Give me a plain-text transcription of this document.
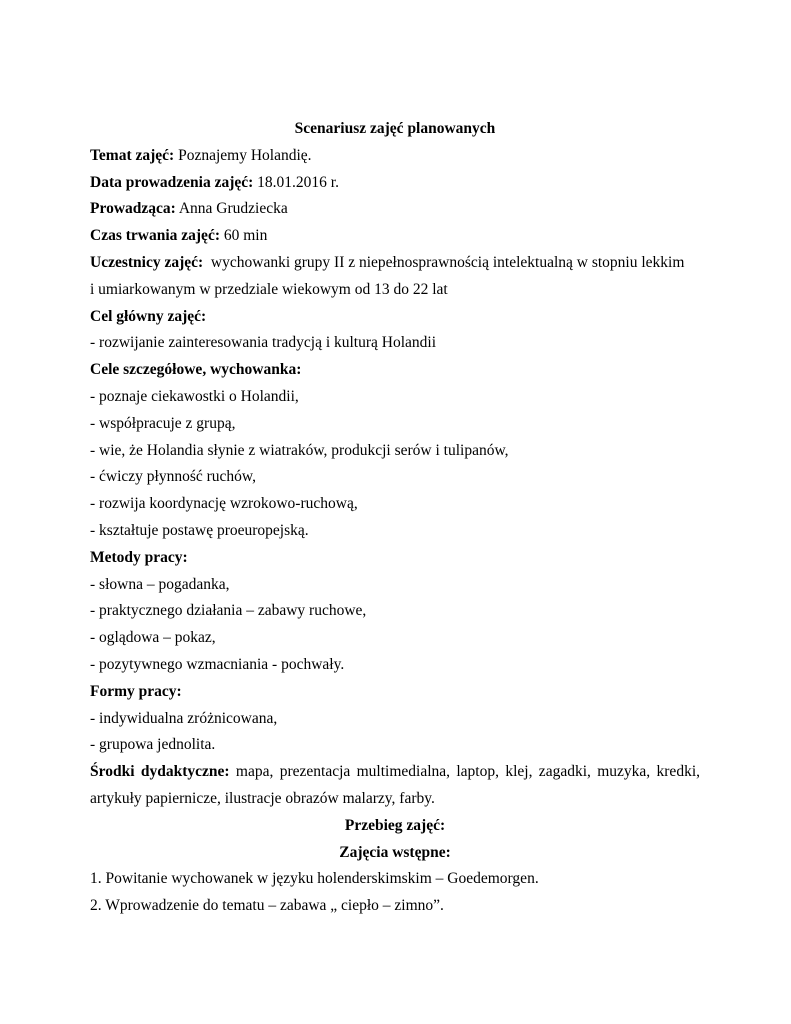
Scenariusz zajęć planowanych
Temat zajęć: Poznajemy Holandię.
Data prowadzenia zajęć: 18.01.2016 r.
Prowadząca: Anna Grudziecka
Czas trwania zajęć: 60 min
Uczestnicy zajęć: wychowanki grupy II z niepełnosprawnością intelektualną w stopniu lekkim
i umiarkowanym w przedziale wiekowym od 13 do 22 lat
Cel główny zajęć:
- rozwijanie zainteresowania tradycją i kulturą Holandii
Cele szczegółowe, wychowanka:
- poznaje ciekawostki o Holandii,
- współpracuje z grupą,
- wie, że Holandia słynie z wiatraków, produkcji serów i tulipanów,
- ćwiczy płynność ruchów,
- rozwija koordynację wzrokowo-ruchową,
- kształtuje postawę proeuropejską.
Metody pracy:
- słowna – pogadanka,
- praktycznego działania – zabawy ruchowe,
- oglądowa – pokaz,
- pozytywnego wzmacniania - pochwały.
Formy pracy:
- indywidualna zróżnicowana,
- grupowa jednolita.
Środki dydaktyczne: mapa, prezentacja multimedialna, laptop, klej, zagadki, muzyka, kredki,
artykuły papiernicze, ilustracje obrazów malarzy, farby.
Przebieg zajęć:
Zajęcia wstępne:
1. Powitanie wychowanek w języku holenderskimskim – Goedemorgen.
2. Wprowadzenie do tematu – zabawa „ ciepło – zimno”.
